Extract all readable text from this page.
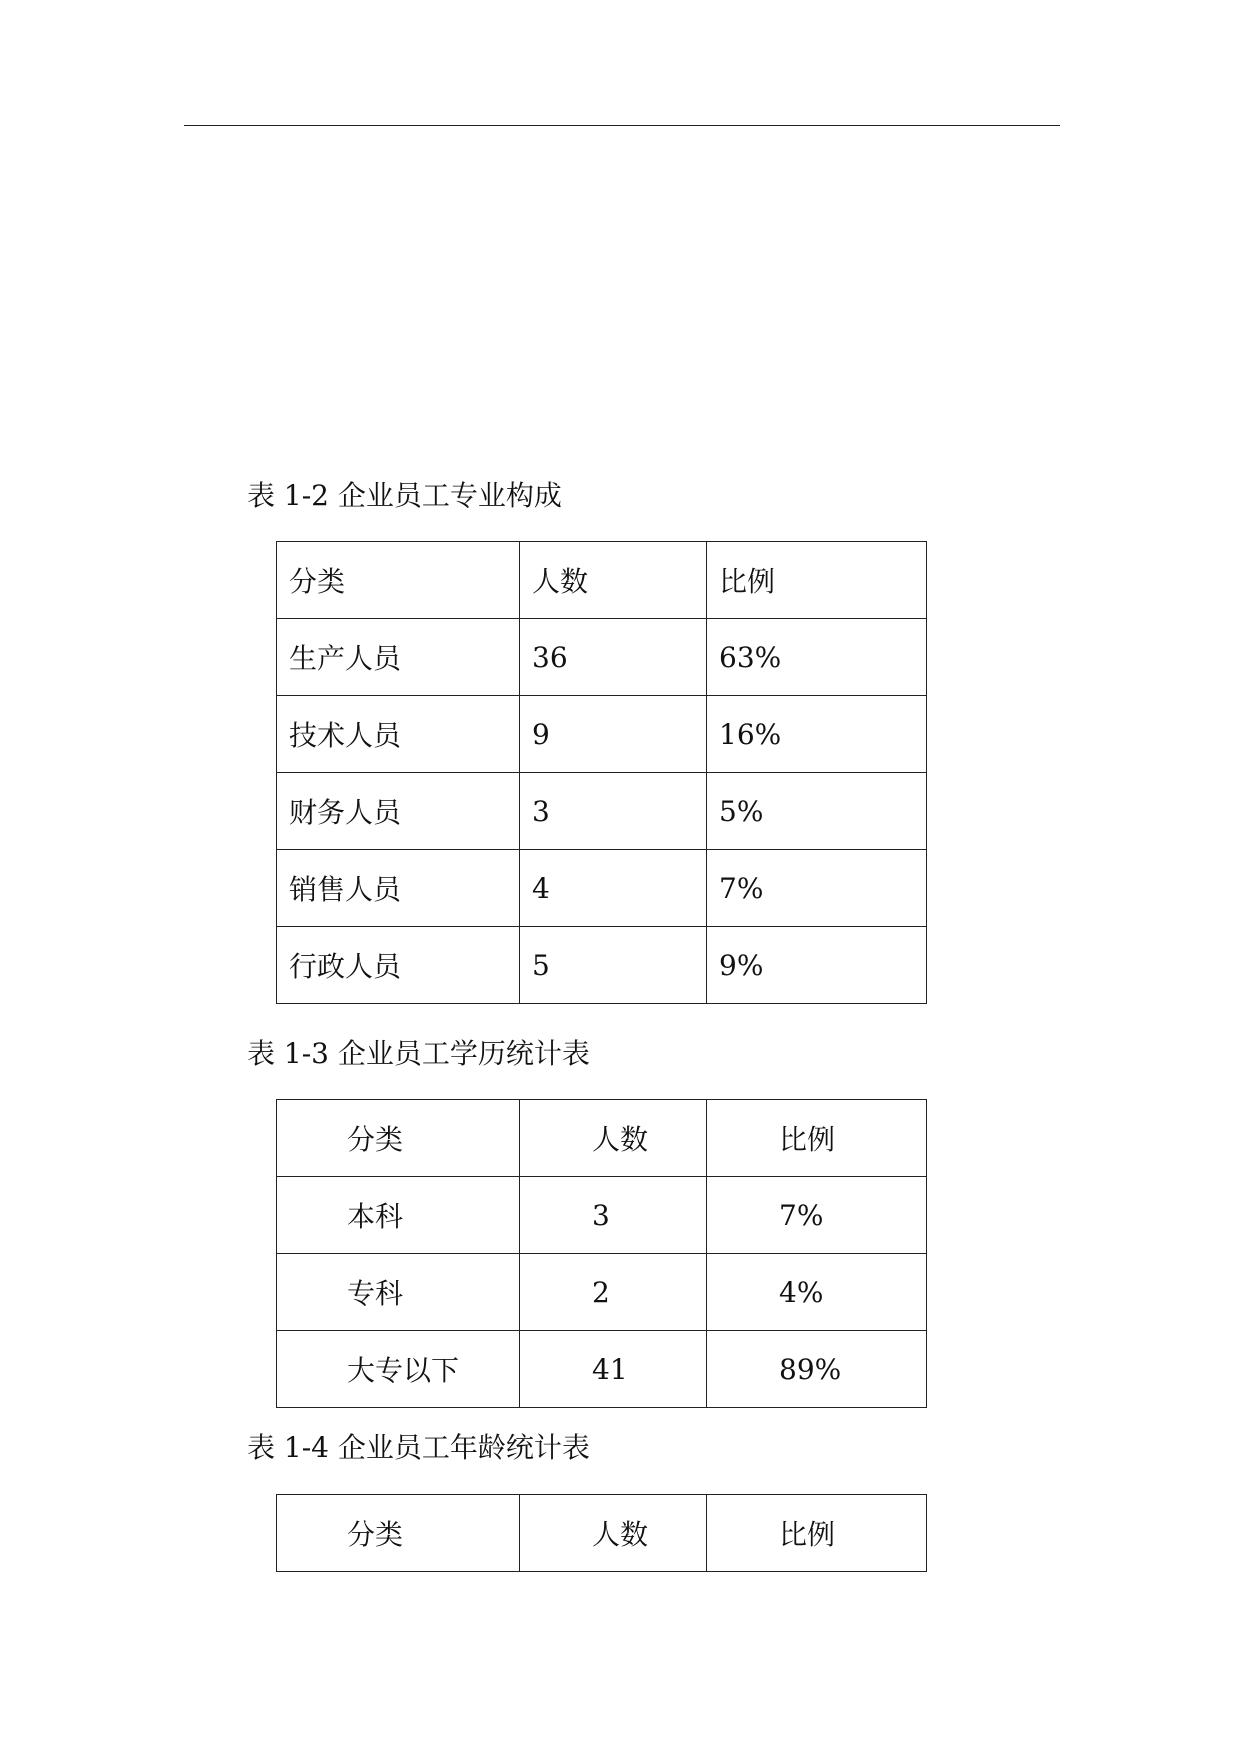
表 1-2 企业员工专业构成
分类	人数	比例
生产人员	36	63%
技术人员	9	16%
财务人员	3	5%
销售人员	4	7%
行政人员	5	9%
表 1-3 企业员工学历统计表
分类	人数	比例
本科	3	7%
专科	2	4%
大专以下	41	89%
表 1-4 企业员工年龄统计表
分类	人数	比例
